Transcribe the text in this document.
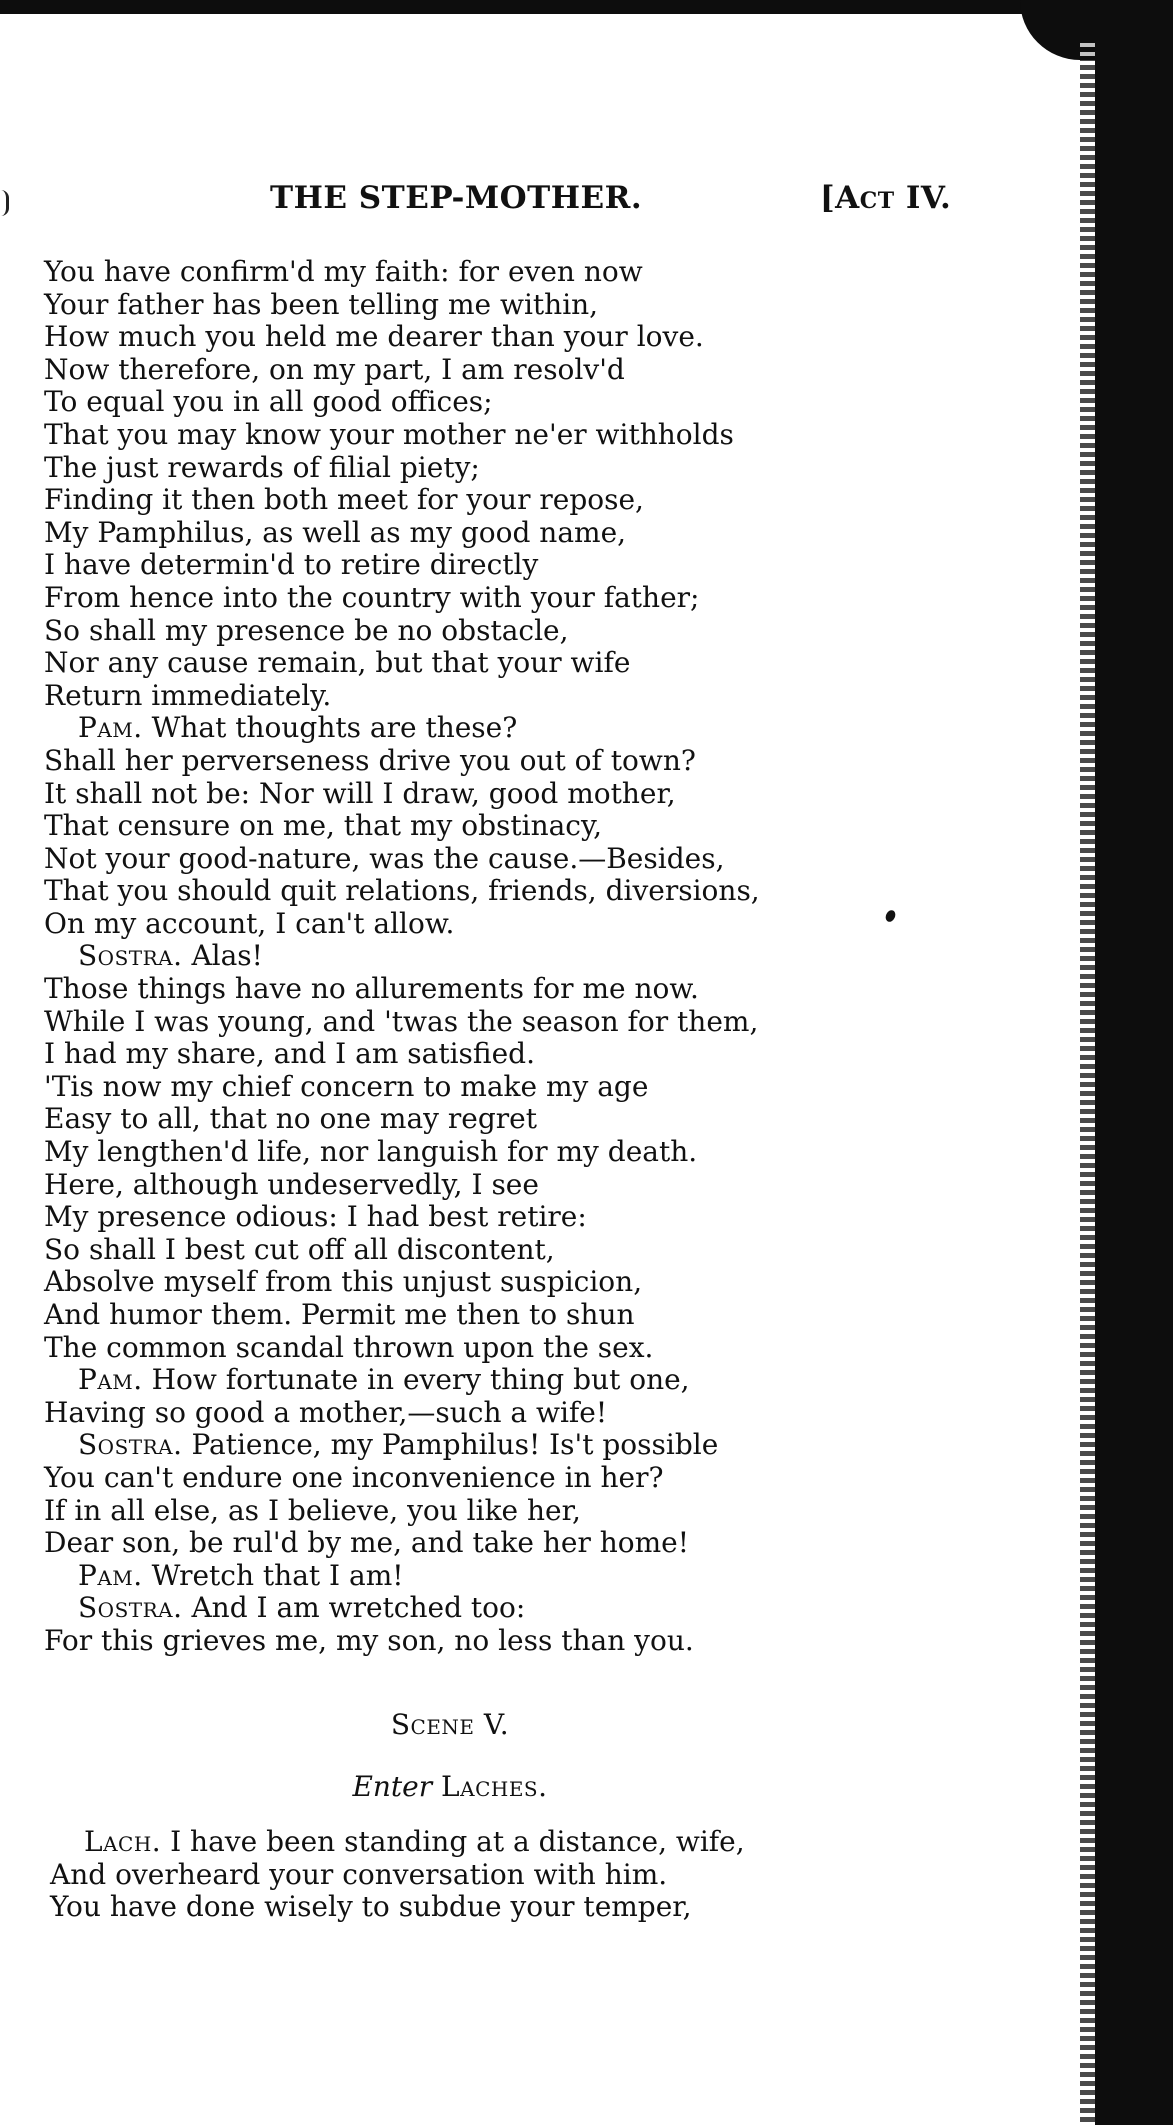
THE STEP-MOTHER.	[Act IV.
You have confirm'd my faith: for even now
Your father has been telling me within,
How much you held me dearer than your love.
Now therefore, on my part, I am resolv'd
To equal you in all good offices;
That you may know your mother ne'er withholds
The just rewards of filial piety;
Finding it then both meet for your repose,
My Pamphilus, as well as my good name,
I have determin'd to retire directly
From hence into the country with your father;
So shall my presence be no obstacle,
Nor any cause remain, but that your wife
Return immediately.
Pam. What thoughts are these?
Shall her perverseness drive you out of town?
It shall not be: Nor will I draw, good mother,
That censure on me, that my obstinacy,
Not your good-nature, was the cause.—Besides,
That you should quit relations, friends, diversions,
On my account, I can't allow.
Sostra. Alas!
Those things have no allurements for me now.
While I was young, and 'twas the season for them,
I had my share, and I am satisfied.
'Tis now my chief concern to make my age
Easy to all, that no one may regret
My lengthen'd life, nor languish for my death.
Here, although undeservedly, I see
My presence odious: I had best retire:
So shall I best cut off all discontent,
Absolve myself from this unjust suspicion,
And humor them. Permit me then to shun
The common scandal thrown upon the sex.
Pam. How fortunate in every thing but one,
Having so good a mother,—such a wife!
Sostra. Patience, my Pamphilus! Is't possible
You can't endure one inconvenience in her?
If in all else, as I believe, you like her,
Dear son, be rul'd by me, and take her home!
Pam. Wretch that I am!
Sostra. And I am wretched too:
For this grieves me, my son, no less than you.
Scene V.
Enter Laches.
Lach. I have been standing at a distance, wife,
And overheard your conversation with him.
You have done wisely to subdue your temper,
